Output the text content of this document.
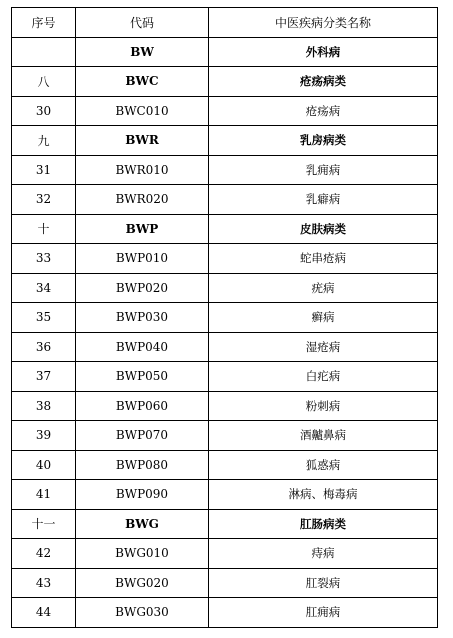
序号	代码	中医疾病分类名称
	BW	外科病
八	BWC	疮疡病类
30	BWC010	疮疡病
九	BWR	乳房病类
31	BWR010	乳痈病
32	BWR020	乳癖病
十	BWP	皮肤病类
33	BWP010	蛇串疮病
34	BWP020	疣病
35	BWP030	癣病
36	BWP040	湿疮病
37	BWP050	白疕病
38	BWP060	粉刺病
39	BWP070	酒齇鼻病
40	BWP080	狐惑病
41	BWP090	淋病、梅毒病
十一	BWG	肛肠病类
42	BWG010	痔病
43	BWG020	肛裂病
44	BWG030	肛痈病
